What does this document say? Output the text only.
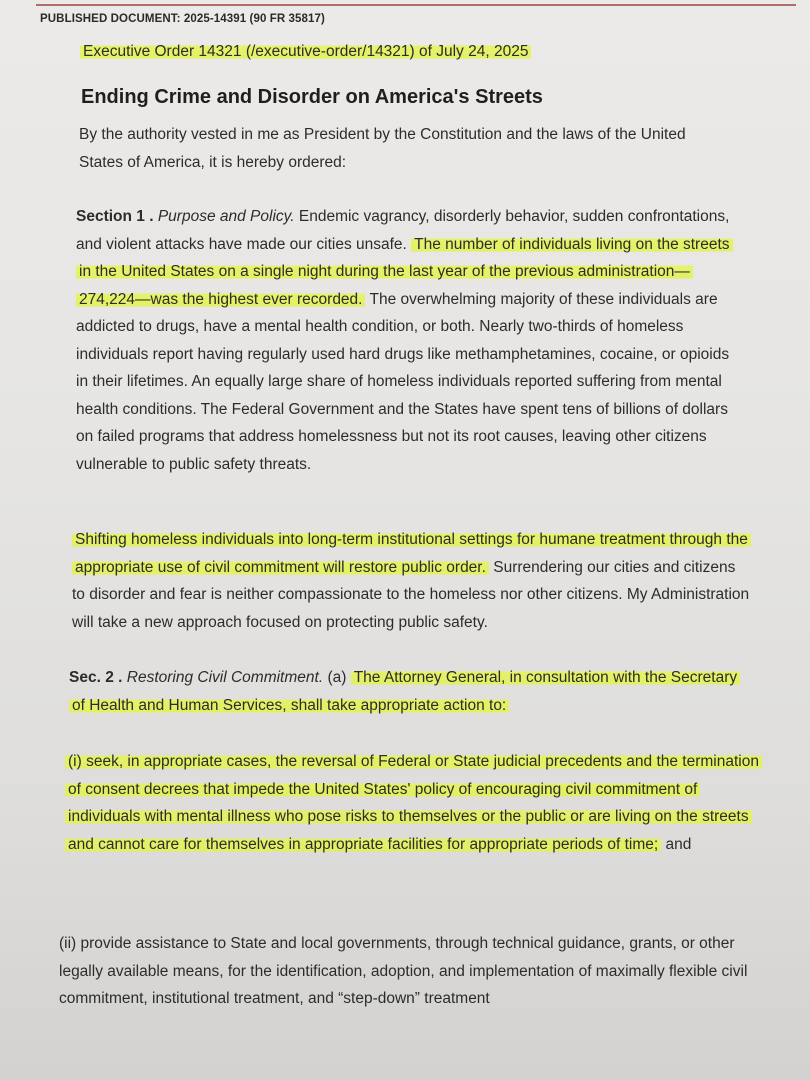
PUBLISHED DOCUMENT: 2025-14391 (90 FR 35817)

Executive Order 14321 (/executive-order/14321) of July 24, 2025

Ending Crime and Disorder on America's Streets

By the authority vested in me as President by the Constitution and the laws of the United States of America, it is hereby ordered:

Section 1 . Purpose and Policy. Endemic vagrancy, disorderly behavior, sudden confrontations, and violent attacks have made our cities unsafe. The number of individuals living on the streets in the United States on a single night during the last year of the previous administration—274,224—was the highest ever recorded. The overwhelming majority of these individuals are addicted to drugs, have a mental health condition, or both. Nearly two-thirds of homeless individuals report having regularly used hard drugs like methamphetamines, cocaine, or opioids in their lifetimes. An equally large share of homeless individuals reported suffering from mental health conditions. The Federal Government and the States have spent tens of billions of dollars on failed programs that address homelessness but not its root causes, leaving other citizens vulnerable to public safety threats.

Shifting homeless individuals into long-term institutional settings for humane treatment through the appropriate use of civil commitment will restore public order. Surrendering our cities and citizens to disorder and fear is neither compassionate to the homeless nor other citizens. My Administration will take a new approach focused on protecting public safety.

Sec. 2 . Restoring Civil Commitment. (a) The Attorney General, in consultation with the Secretary of Health and Human Services, shall take appropriate action to:

(i) seek, in appropriate cases, the reversal of Federal or State judicial precedents and the termination of consent decrees that impede the United States' policy of encouraging civil commitment of individuals with mental illness who pose risks to themselves or the public or are living on the streets and cannot care for themselves in appropriate facilities for appropriate periods of time; and

(ii) provide assistance to State and local governments, through technical guidance, grants, or other legally available means, for the identification, adoption, and implementation of maximally flexible civil commitment, institutional treatment, and “step-down” treatment
